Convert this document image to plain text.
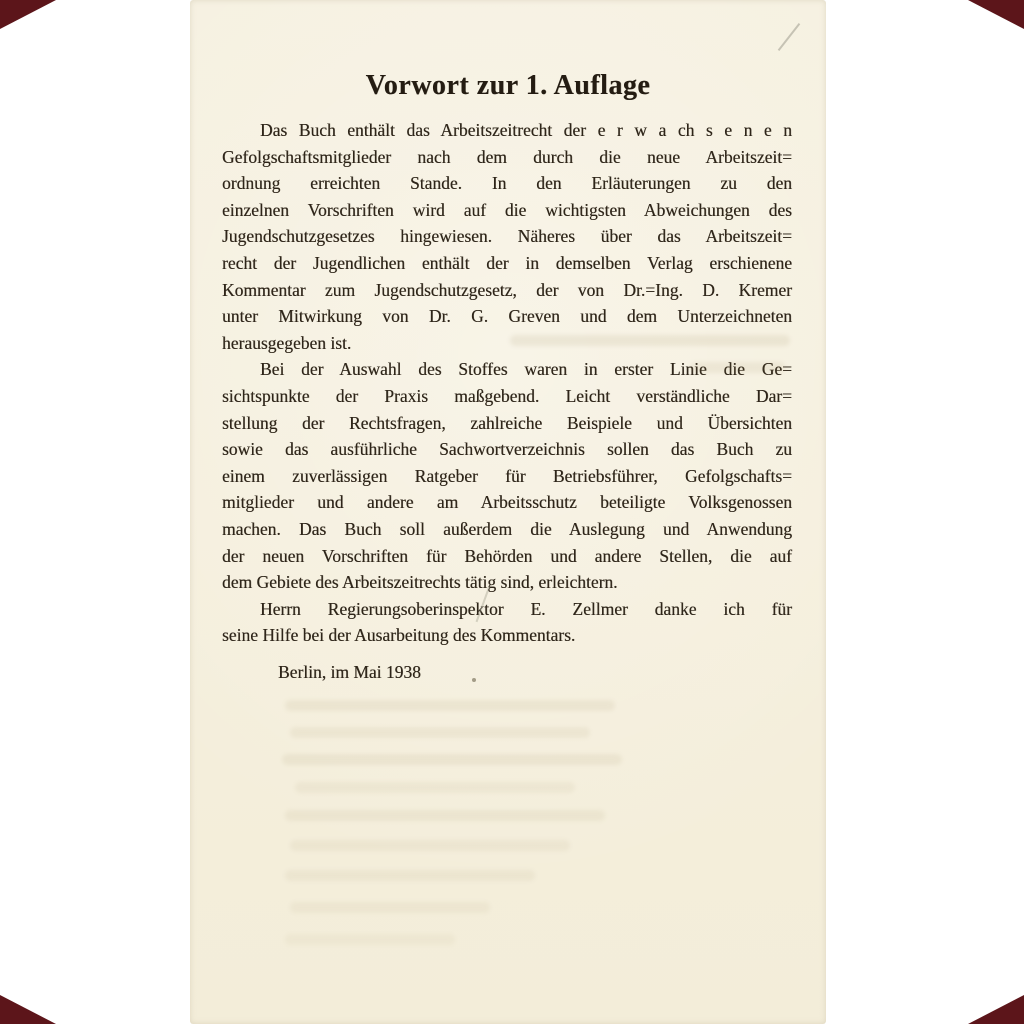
Vorwort zur 1. Auflage
Das Buch enthält das Arbeitszeitrecht der e r w a ch s e n e n
Gefolgschaftsmitglieder nach dem durch die neue Arbeitszeit=
ordnung erreichten Stande. In den Erläuterungen zu den
einzelnen Vorschriften wird auf die wichtigsten Abweichungen des
Jugendschutzgesetzes hingewiesen. Näheres über das Arbeitszeit=
recht der Jugendlichen enthält der in demselben Verlag erschienene
Kommentar zum Jugendschutzgesetz, der von Dr.=Ing. D. Kremer
unter Mitwirkung von Dr. G. Greven und dem Unterzeichneten
herausgegeben ist.
Bei der Auswahl des Stoffes waren in erster Linie die Ge=
sichtspunkte der Praxis maßgebend. Leicht verständliche Dar=
stellung der Rechtsfragen, zahlreiche Beispiele und Übersichten
sowie das ausführliche Sachwortverzeichnis sollen das Buch zu
einem zuverlässigen Ratgeber für Betriebsführer, Gefolgschafts=
mitglieder und andere am Arbeitsschutz beteiligte Volksgenossen
machen. Das Buch soll außerdem die Auslegung und Anwendung
der neuen Vorschriften für Behörden und andere Stellen, die auf
dem Gebiete des Arbeitszeitrechts tätig sind, erleichtern.
Herrn Regierungsoberinspektor E. Zellmer danke ich für
seine Hilfe bei der Ausarbeitung des Kommentars.
Berlin, im Mai 1938
